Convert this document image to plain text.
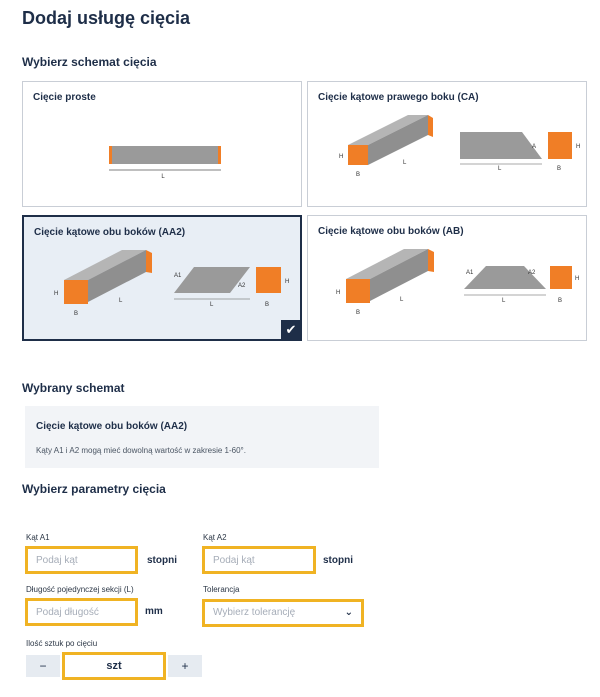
Dodaj usługę cięcia
Wybierz schemat cięcia
Cięcie proste
L
Cięcie kątowe prawego boku (CA)
H
B
L
L
A	H
B
Cięcie kątowe obu boków (AA2)
H
B
L
A1
A2
L
H
B
✔
Cięcie kątowe obu boków (AB)
H
B
L
A1	A2
L
H
B
Wybrany schemat
Cięcie kątowe obu boków (AA2)
Kąty A1 i A2 mogą mieć dowolną wartość w zakresie 1-60°.
Wybierz parametry cięcia
Kąt A1
Podaj kąt
stopni
Kąt A2
Podaj kąt
stopni
Długość pojedynczej sekcji (L)
Podaj długość
mm
Tolerancja
Wybierz tolerancję	⌄
Ilość sztuk po cięciu
−	szt	+
